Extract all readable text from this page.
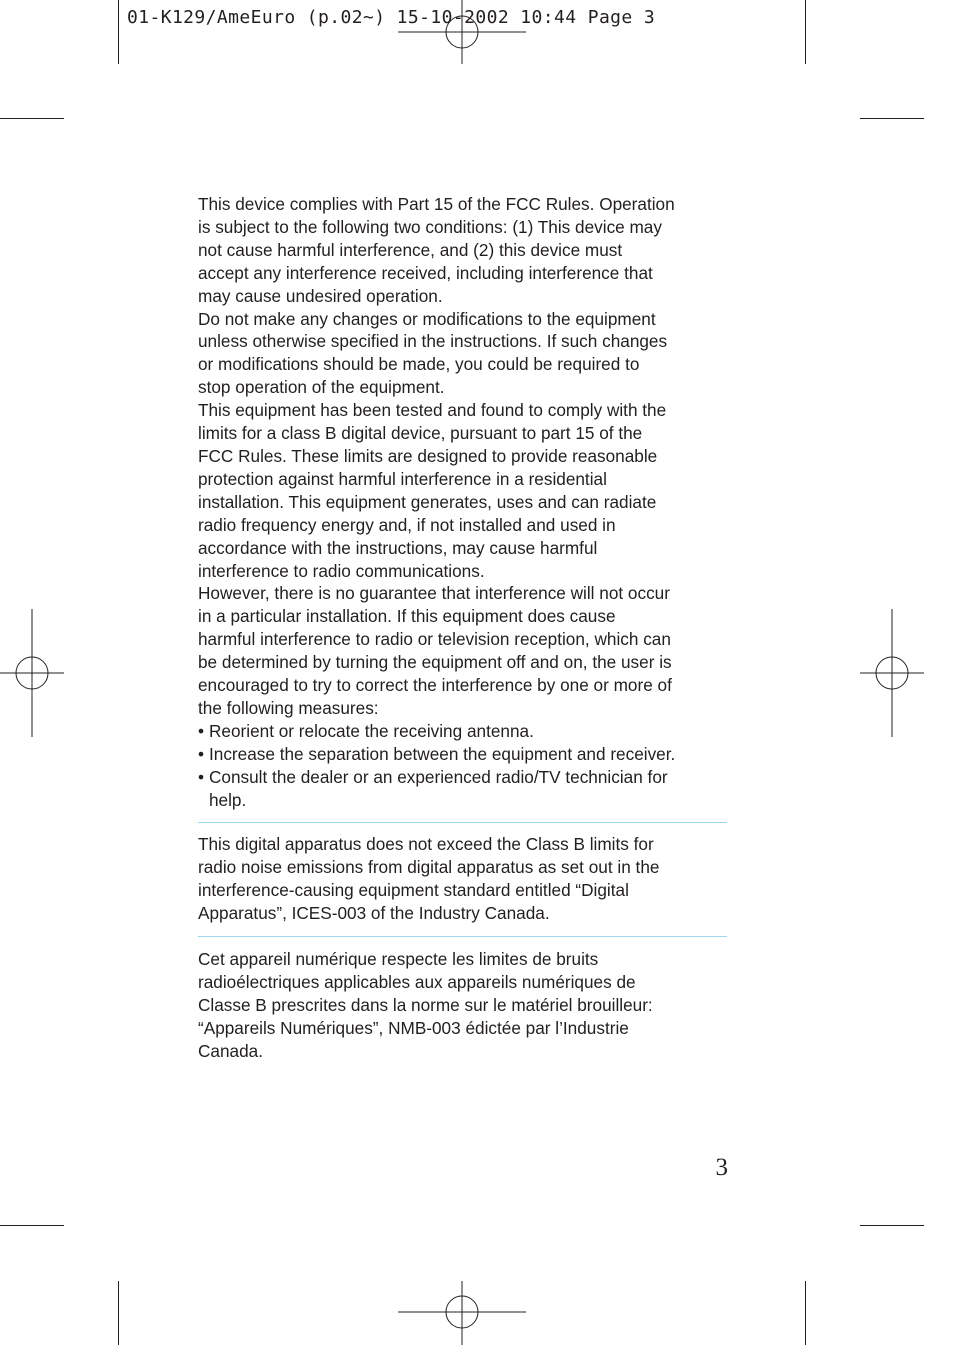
01-K129/AmeEuro (p.02~) 15-10-2002 10:44 Page 3

This device complies with Part 15 of the FCC Rules. Operation

is subject to the following two conditions: (1) This device may

not cause harmful interference, and (2) this device must

accept any interference received, including interference that

may cause undesired operation.

Do not make any changes or modifications to the equipment

unless otherwise specified in the instructions. If such changes

or modifications should be made, you could be required to

stop operation of the equipment.

This equipment has been tested and found to comply with the

limits for a class B digital device, pursuant to part 15 of the

FCC Rules. These limits are designed to provide reasonable

protection against harmful interference in a residential

installation. This equipment generates, uses and can radiate

radio frequency energy and, if not installed and used in

accordance with the instructions, may cause harmful

interference to radio communications.

However, there is no guarantee that interference will not occur

in a particular installation. If this equipment does cause

harmful interference to radio or television reception, which can

be determined by turning the equipment off and on, the user is

encouraged to try to correct the interference by one or more of

the following measures:

• Reorient or relocate the receiving antenna.

• Increase the separation between the equipment and receiver.

• Consult the dealer or an experienced radio/TV technician for

help.

This digital apparatus does not exceed the Class B limits for

radio noise emissions from digital apparatus as set out in the

interference-causing equipment standard entitled “Digital

Apparatus”, ICES-003 of the Industry Canada.

Cet appareil numérique respecte les limites de bruits

radioélectriques applicables aux appareils numériques de

Classe B prescrites dans la norme sur le matériel brouilleur:

“Appareils Numériques”, NMB-003 édictée par l’Industrie

Canada.

3
